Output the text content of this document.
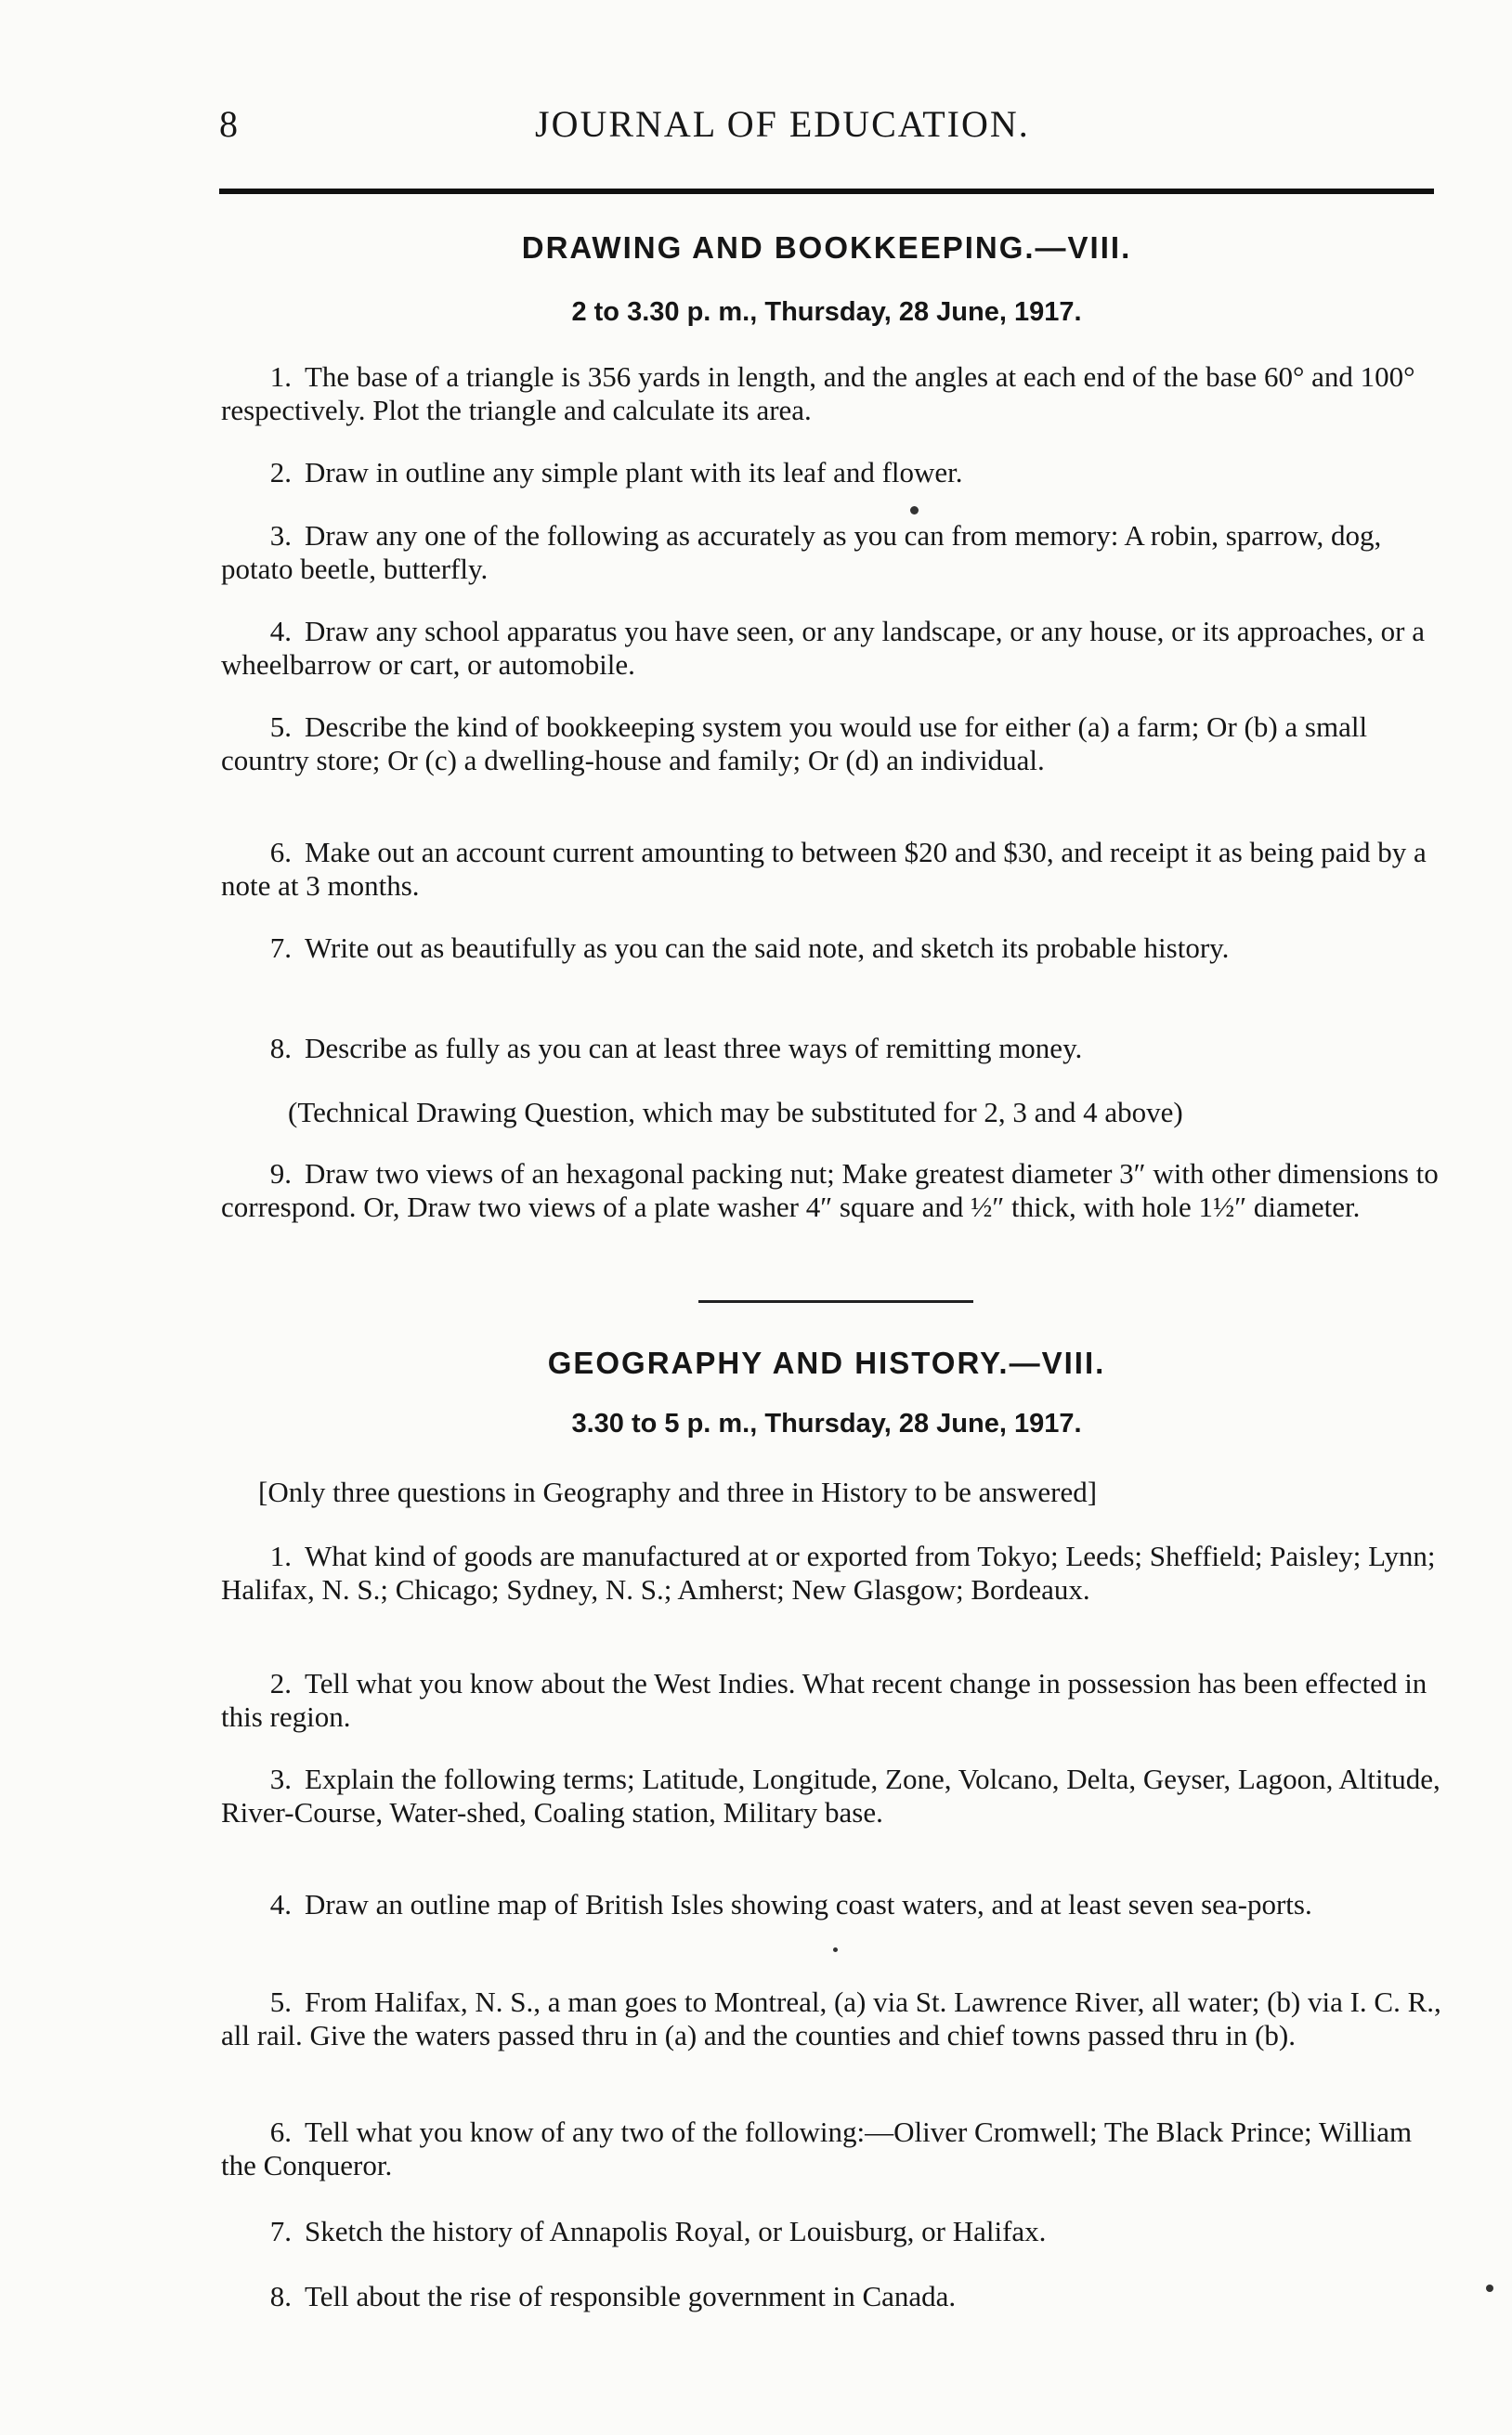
8	JOURNAL OF EDUCATION.
DRAWING AND BOOKKEEPING.—VIII.
2 to 3.30 p. m., Thursday, 28 June, 1917.
1. The base of a triangle is 356 yards in length, and the angles at each end of the base 60° and 100° respectively. Plot the triangle and calculate its area.
2. Draw in outline any simple plant with its leaf and flower.
3. Draw any one of the following as accurately as you can from memory: A robin, sparrow, dog, potato beetle, butterfly.
4. Draw any school apparatus you have seen, or any landscape, or any house, or its approaches, or a wheelbarrow or cart, or automobile.
5. Describe the kind of bookkeeping system you would use for either (a) a farm; Or (b) a small country store; Or (c) a dwelling-house and family; Or (d) an individual.
6. Make out an account current amounting to between $20 and $30, and receipt it as being paid by a note at 3 months.
7. Write out as beautifully as you can the said note, and sketch its probable history.
8. Describe as fully as you can at least three ways of remitting money.
(Technical Drawing Question, which may be substituted for 2, 3 and 4 above)
9. Draw two views of an hexagonal packing nut; Make greatest diameter 3″ with other dimensions to correspond. Or, Draw two views of a plate washer 4″ square and ½″ thick, with hole 1½″ diameter.
GEOGRAPHY AND HISTORY.—VIII.
3.30 to 5 p. m., Thursday, 28 June, 1917.
[Only three questions in Geography and three in History to be answered]
1. What kind of goods are manufactured at or exported from Tokyo; Leeds; Sheffield; Paisley; Lynn; Halifax, N. S.; Chicago; Sydney, N. S.; Amherst; New Glasgow; Bordeaux.
2. Tell what you know about the West Indies. What recent change in possession has been effected in this region.
3. Explain the following terms; Latitude, Longitude, Zone, Volcano, Delta, Geyser, Lagoon, Altitude, River-Course, Water-shed, Coaling station, Military base.
4. Draw an outline map of British Isles showing coast waters, and at least seven sea-ports.
5. From Halifax, N. S., a man goes to Montreal, (a) via St. Lawrence River, all water; (b) via I. C. R., all rail. Give the waters passed thru in (a) and the counties and chief towns passed thru in (b).
6. Tell what you know of any two of the following:—Oliver Cromwell; The Black Prince; William the Conqueror.
7. Sketch the history of Annapolis Royal, or Louisburg, or Halifax.
8. Tell about the rise of responsible government in Canada.
